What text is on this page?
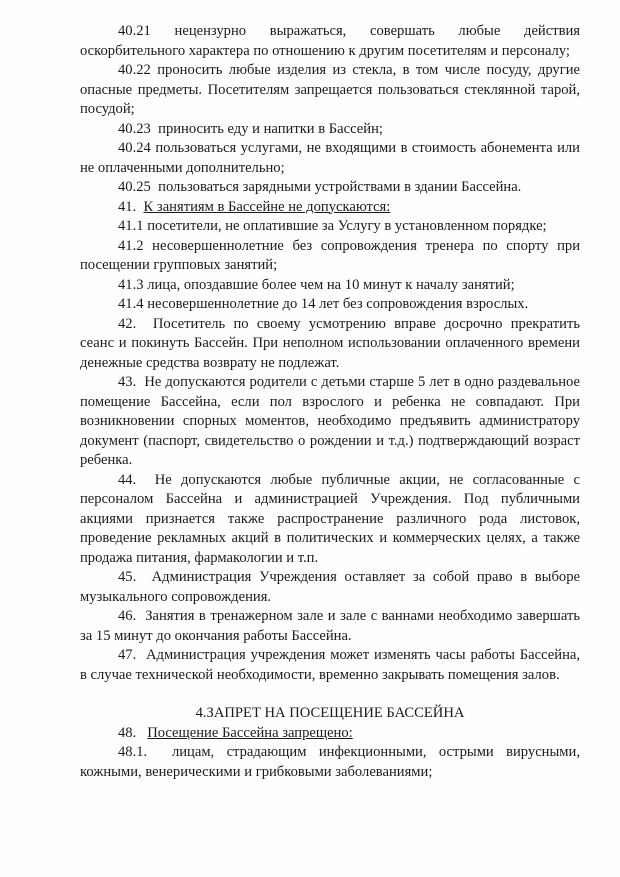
40.21 нецензурно выражаться, совершать любые действия оскорбительного характера по отношению к другим посетителям и персоналу;

40.22 проносить любые изделия из стекла, в том числе посуду, другие опасные предметы. Посетителям запрещается пользоваться стеклянной тарой, посудой;

40.23 приносить еду и напитки в Бассейн;

40.24 пользоваться услугами, не входящими в стоимость абонемента или не оплаченными дополнительно;

40.25 пользоваться зарядными устройствами в здании Бассейна.

41. К занятиям в Бассейне не допускаются:

41.1 посетители, не оплатившие за Услугу в установленном порядке;

41.2 несовершеннолетние без сопровождения тренера по спорту при посещении групповых занятий;

41.3 лица, опоздавшие более чем на 10 минут к началу занятий;

41.4 несовершеннолетние до 14 лет без сопровождения взрослых.

42. Посетитель по своему усмотрению вправе досрочно прекратить сеанс и покинуть Бассейн. При неполном использовании оплаченного времени денежные средства возврату не подлежат.

43. Не допускаются родители с детьми старше 5 лет в одно раздевальное помещение Бассейна, если пол взрослого и ребенка не совпадают. При возникновении спорных моментов, необходимо предъявить администратору документ (паспорт, свидетельство о рождении и т.д.) подтверждающий возраст ребенка.

44. Не допускаются любые публичные акции, не согласованные с персоналом Бассейна и администрацией Учреждения. Под публичными акциями признается также распространение различного рода листовок, проведение рекламных акций в политических и коммерческих целях, а также продажа питания, фармакологии и т.п.

45. Администрация Учреждения оставляет за собой право в выборе музыкального сопровождения.

46. Занятия в тренажерном зале и зале с ваннами необходимо завершать за 15 минут до окончания работы Бассейна.

47. Администрация учреждения может изменять часы работы Бассейна, в случае технической необходимости, временно закрывать помещения залов.

4.ЗАПРЕТ НА ПОСЕЩЕНИЕ БАССЕЙНА

48. Посещение Бассейна запрещено:

48.1. лицам, страдающим инфекционными, острыми вирусными, кожными, венерическими и грибковыми заболеваниями;
